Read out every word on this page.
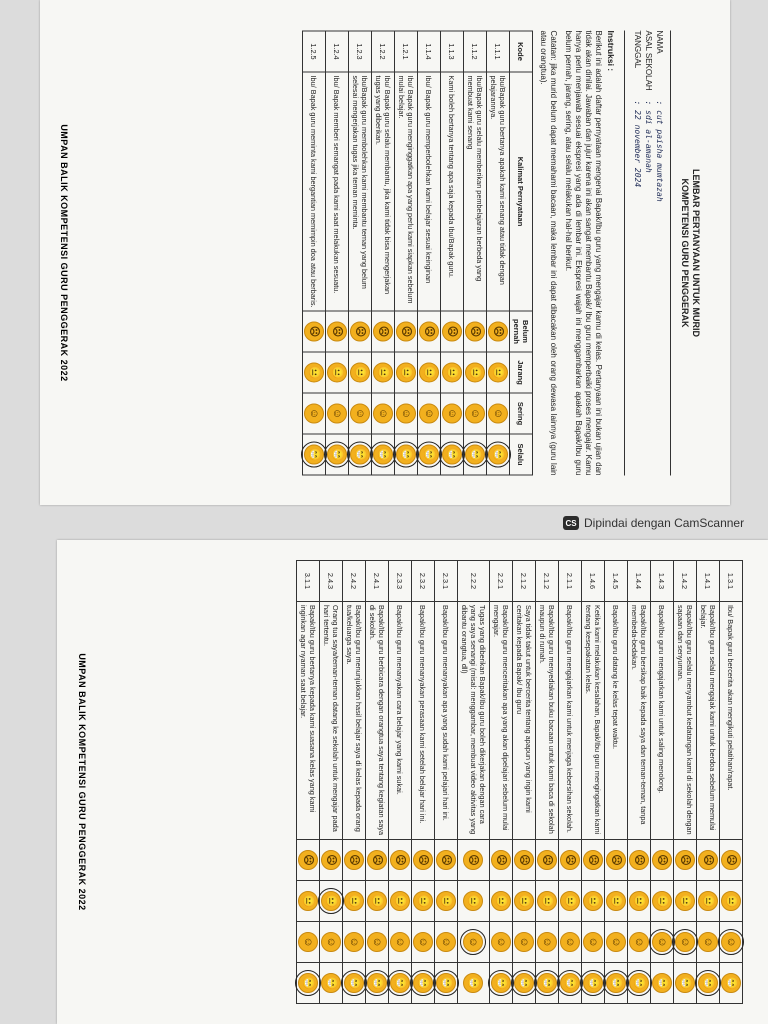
LEMBAR PERTANYAAN UNTUK MURID
KOMPETENSI GURU PENGGERAK
NAMA
: cut paisha mumtazah
ASAL SEKOLAH
: sdi al-amanah
TANGGAL
: 22 november 2024
Instruksi :

Berikut ini adalah daftar pernyataan mengenai Bapak/Ibu guru yang mengajar kamu di kelas. Pertanyaan ini bukan ujian dan tidak akan dinilai. Jawaban dan jujur karena ini akan sangat membantu Bapak/ Ibu guru memperbaiki proses mengajar. Kamu hanya perlu menjawab sesuai ekspresi yang ada di lembar ini. Ekspresi wajah ini menggambarkan apakah Bapak/Ibu guru belum pernah, jarang, sering, atau selalu melakukan hal-hal berikut.

Catatan: jika murid belum dapat memahami bacaan, maka lembar ini dapat dibacakan oleh orang dewasa lainnya (guru lain atau orangtua).

Kode	Kalimat Pernyataan	Belum pernah	Jarang	Sering	Selalu
1.1.1	Ibu/Bapak guru bertanya apakah kami senang atau tidak dengan pelajarannya.	☹	😐	☺	😁
1.1.2	Ibu/Bapak guru selalu memberikan pembelajaran berbeda yang membuat kami senang	☹	😐	☺	😁
1.1.3	Kami boleh bertanya tentang apa saja kepada Ibu/Bapak guru.	☹	😐	☺	😁
1.1.4	Ibu/ Bapak guru memperbolehkan kami belajar sesuai keinginan	☹	😐	☺	😁
1.2.1	Ibu/ Bapak guru menginggatkan apa yang perlu kami siapkan sebelum mulai belajar.	☹	😐	☺	😁
1.2.2	Ibu/ Bapak guru selalu membantu, jika kami tidak bisa mengerjakan tugas yang diberikan.	☹	😐	☺	😁
1.2.3	Ibu/Bapak guru membolehkan kami membantu teman yang belum selesai mengerjakan tugas jika teman meminta.	☹	😐	☺	😁
1.2.4	Ibu/ Bapak memberi semangat pada kami saat melakukan sesuatu.	☹	😐	☺	😁
1.2.5	Ibu/ Bapak guru meminta kami bergantian memimpin doa atau berbaris.	☹	😐	☺	😁
UMPAN BALIK KOMPETENSI GURU PENGGERAK 2022
CS Dipindai dengan CamScanner
1.3.1	Ibu/ Bapak guru bercerita akan mengikuti pelatihan/rapat.	☹	😐	☺	😁
1.4.1	Bapak/Ibu guru selalu mengajak kami untuk berdoa sebelum memulai belajar.	☹	😐	☺	😁
1.4.2	Bapak/Ibu guru selalu menyambut kedatangan kami di sekolah dengan sapaan dan senyuman.	☹	😐	☺	😁
1.4.3	Bapak/Ibu guru mengajarkan kami untuk saling menolong.	☹	😐	☺	😁
1.4.4	Bapak/Ibu guru bersikap baik kepada saya dan teman-teman, tanpa membeda-bedakan.	☹	😐	☺	😁
1.4.5	Bapak/Ibu guru datang ke kelas tepat waktu.	☹	😐	☺	😁
1.4.6	Ketika kami melakukan kesalahan, Bapak/Ibu guru mengingatkan kami tentang kesepakatan kelas.	☹	😐	☺	😁
2.1.1	Bapak/Ibu guru mengajarkan kami untuk menjaga kebersihan sekolah.	☹	😐	☺	😁
2.1.2	Bapak/Ibu guru menyediakan buku bacaan untuk kami baca di sekolah maupun di rumah.	☹	😐	☺	😁
2.1.2	Saya tidak takut untuk bercerita tentang apapun yang ingin kami ceritakan kepada Bapak/ Ibu guru	☹	😐	☺	😁
2.2.1	Bapak/Ibu guru menceritakan apa yang akan dipelajari sebelum mulai mengajar.	☹	😐	☺	😁
2.2.2	Tugas yang diberikan Bapak/Ibu guru boleh dikerjakan dengan cara yang saya senangi (misal: menggambar, membuat video aktivitas yang dibantu orangtua, dll)	☹	😐	☺	😁
2.3.1	Bapak/Ibu guru menanyakan apa yang sudah kami pelajari hari ini.	☹	😐	☺	😁
2.3.2	Bapak/Ibu guru menanyakan perasaan kami setelah belajar hari ini.	☹	😐	☺	😁
2.3.3	Bapak/Ibu guru menanyakan cara belajar yang kami sukai.	☹	😐	☺	😁
2.4.1	Bapak/Ibu guru berbicara dengan orangtua saya tentang kegiatan saya di sekolah.	☹	😐	☺	😁
2.4.2	Bapak/Ibu guru menunjukkan hasil belajar saya di kelas kepada orang tua/keluarga saya.	☹	😐	☺	😁
2.4.3	Orang tua saya/teman-teman datang ke sekolah untuk mengajar pada hari tertentu.	☹	😐	☺	😁
3.1.1	Bapak/Ibu guru bertanya kepada kami suasana kelas yang kami inginkan agar nyaman saat belajar.	☹	😐	☺	😁
UMPAN BALIK KOMPETENSI GURU PENGGERAK 2022
